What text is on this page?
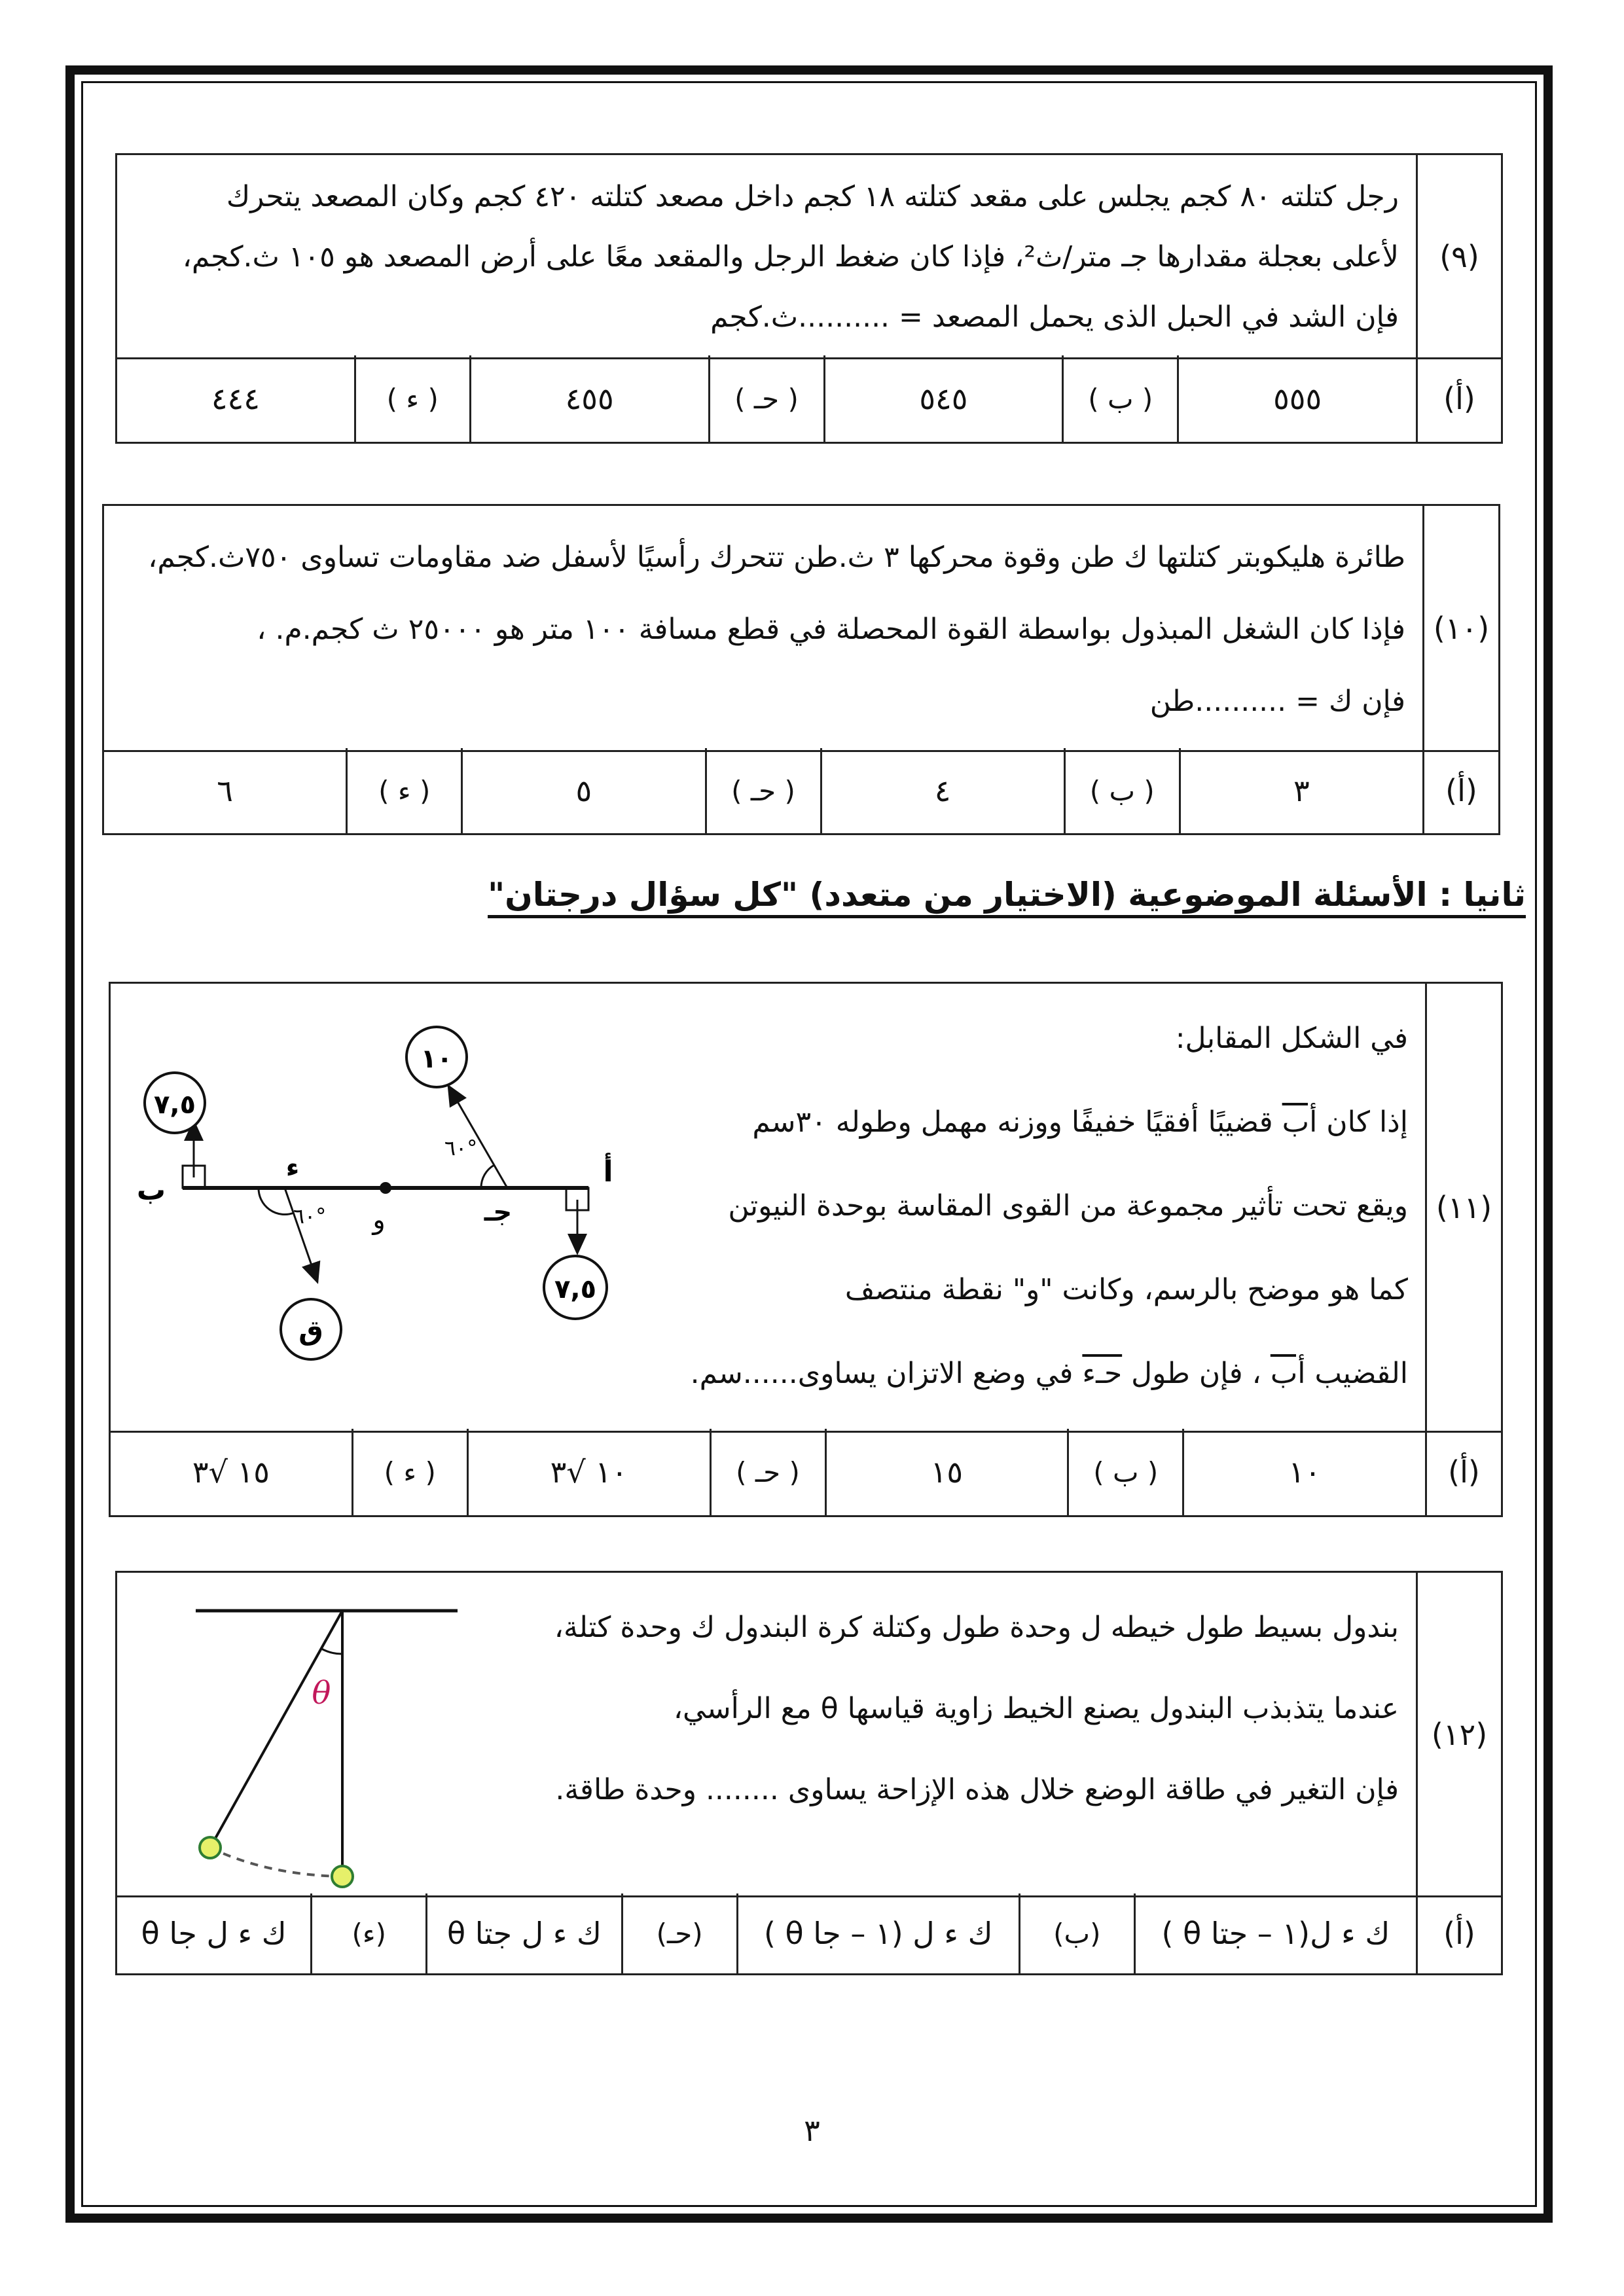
(٩)

رجل كتلته ٨٠ كجم يجلس على مقعد كتلته ١٨ كجم داخل مصعد كتلته ٤٢٠ كجم وكان المصعد يتحرك

لأعلى بعجلة مقدارها جـ متر/ث²، فإذا كان ضغط الرجل والمقعد معًا على أرض المصعد هو ١٠٥ ث.كجم،

فإن الشد في الحبل الذى يحمل المصعد = ..........ث.كجم

(أ)
٥٥٥
( ب )
٥٤٥
( حـ )
٤٥٥
( ء )
٤٤٤
(١٠)

طائرة هليكوبتر كتلتها ك طن وقوة محركها ٣ ث.طن تتحرك رأسيًا لأسفل ضد مقاومات تساوى ٧٥٠ث.كجم،

فإذا كان الشغل المبذول بواسطة القوة المحصلة في قطع مسافة ١٠٠ متر هو ٢٥٠٠٠ ث كجم.م. ،

فإن ك = ..........طن

(أ)
٣
( ب )
٤
( حـ )
٥
( ء )
٦
ثانيا : الأسئلة الموضوعية (الاختيار من متعدد) "كل سؤال درجتان"
(١١)

في الشكل المقابل:

إذا كان أب قضيبًا أفقيًا خفيفًا ووزنه مهمل وطوله ٣٠سم

ويقع تحت تأثير مجموعة من القوى المقاسة بوحدة النيوتن

كما هو موضح بالرسم، وكانت "و" نقطة منتصف

القضيب أب ، فإن طول حـء في وضع الاتزان يساوى......سم.

٧,٥
٧,٥
١٠
٦٠°
ق
٦٠° و
ب
أ
جـ
ء
(أ)
١٠
( ب )
١٥
( حـ )
١٠ √٣
( ء )
١٥ √٣
(١٢)

بندول بسيط طول خيطه ل وحدة طول وكتلة كرة البندول ك وحدة كتلة،

عندما يتذبذب البندول يصنع الخيط زاوية قياسها θ مع الرأسي،

فإن التغير في طاقة الوضع خلال هذه الإزاحة يساوى ........ وحدة طاقة.

θ
(أ)
ك ء ل(١ – جتا θ )
(ب)
ك ء ل (١ – جا θ )
(حـ)
ك ء ل جتا θ
(ء)
ك ء ل جا θ
٣
